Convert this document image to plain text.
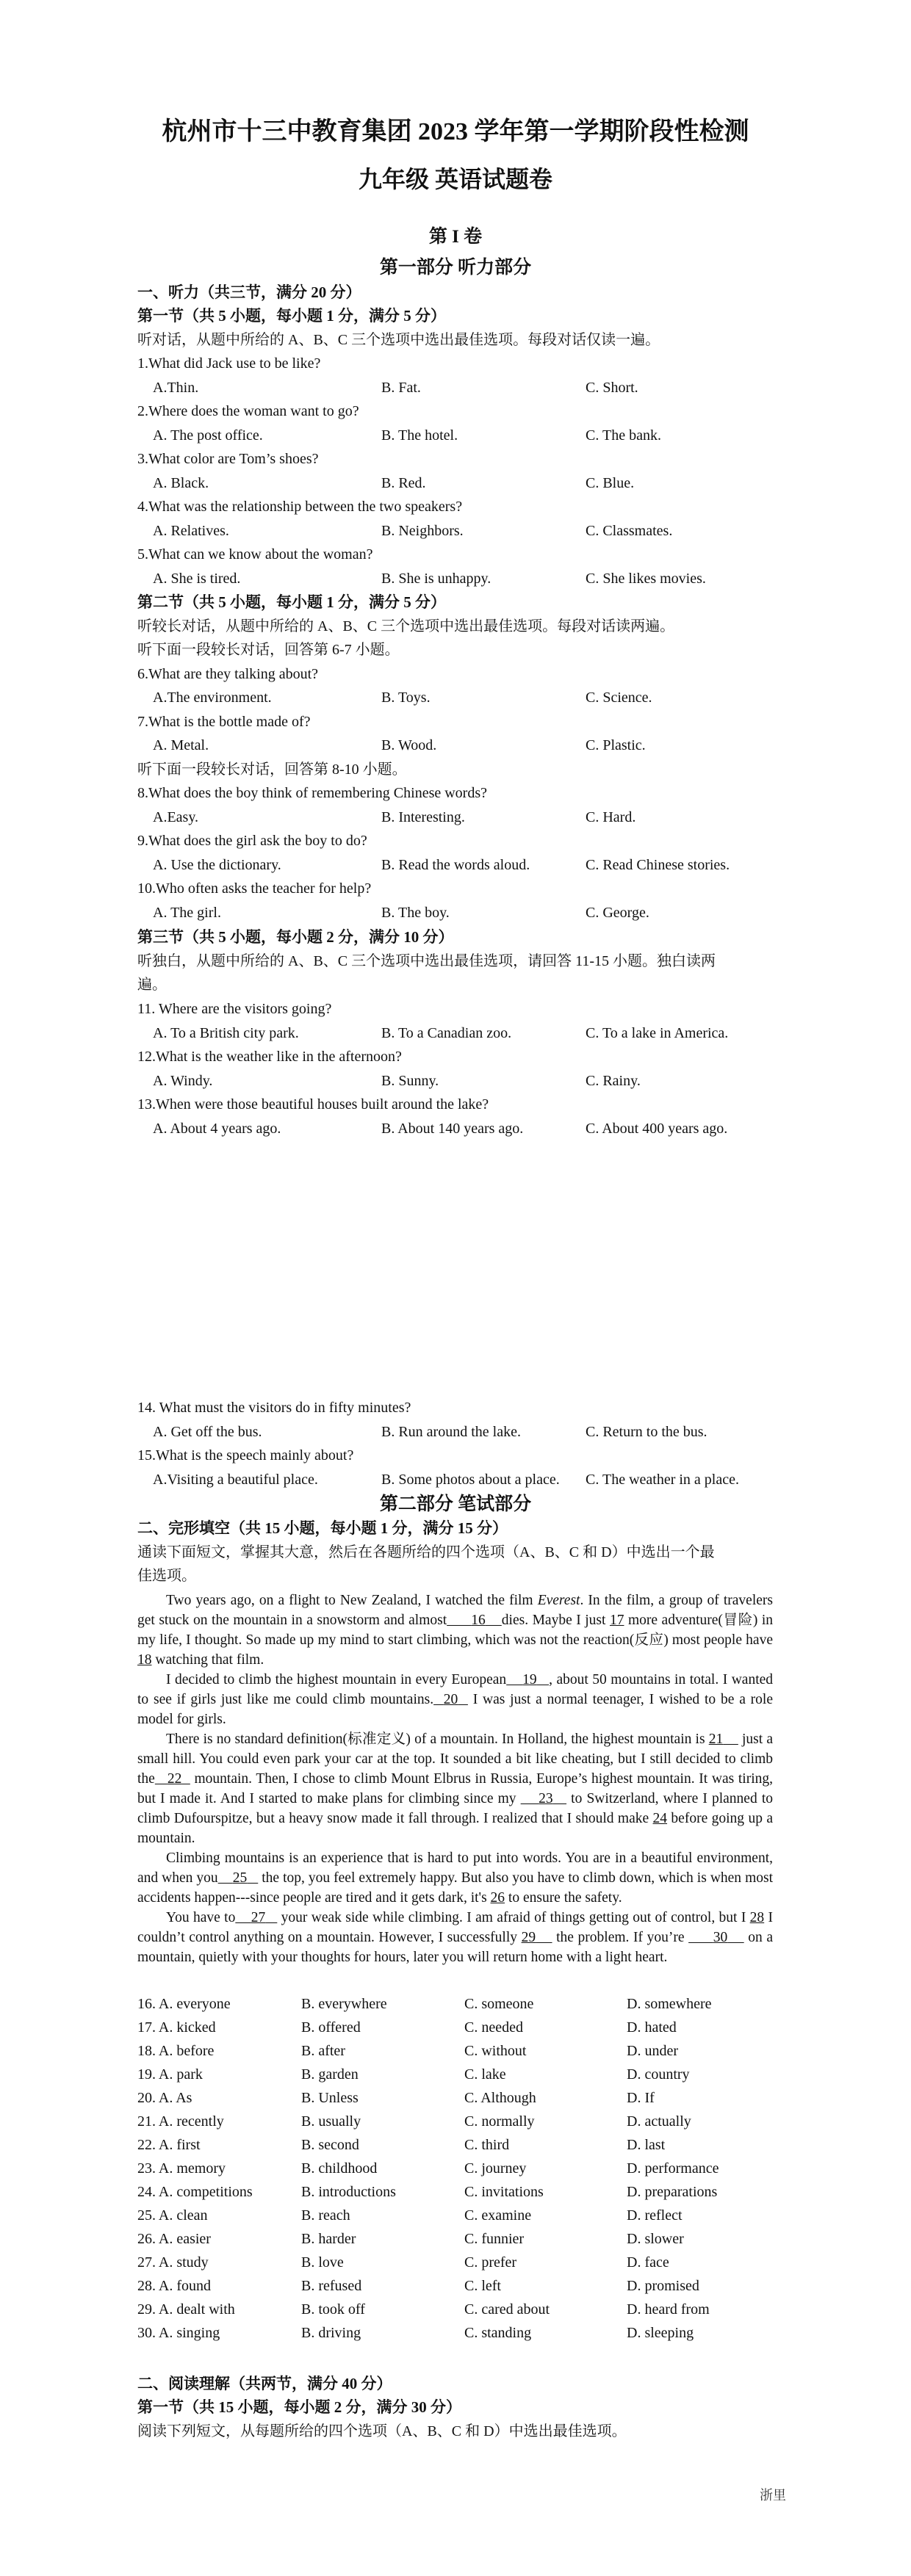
杭州市十三中教育集团 2023 学年第一学期阶段性检测
九年级 英语试题卷
第 I 卷
第一部分 听力部分
一、听力（共三节，满分 20 分）
第一节（共 5 小题，每小题 1 分，满分 5 分）
听对话，从题中所给的 A、B、C 三个选项中选出最佳选项。每段对话仅读一遍。
1.What did Jack use to be like?
A.Thin.	B. Fat.	C. Short.
2.Where does the woman want to go?
A. The post office.	B. The hotel.	C. The bank.
3.What color are Tom’s shoes?
A. Black.	B. Red.	C. Blue.
4.What was the relationship between the two speakers?
A. Relatives.	B. Neighbors.	C. Classmates.
5.What can we know about the woman?
A. She is tired.	B. She is unhappy.	C. She likes movies.
第二节（共 5 小题，每小题 1 分，满分 5 分）
听较长对话，从题中所给的 A、B、C 三个选项中选出最佳选项。每段对话读两遍。
听下面一段较长对话，回答第 6-7 小题。
6.What are they talking about?
A.The environment.	B. Toys.	C. Science.
7.What is the bottle made of?
A. Metal.	B. Wood.	C. Plastic.
听下面一段较长对话，回答第 8-10 小题。
8.What does the boy think of remembering Chinese words?
A.Easy.	B. Interesting.	C. Hard.
9.What does the girl ask the boy to do?
A. Use the dictionary.	B. Read the words aloud.	C. Read Chinese stories.
10.Who often asks the teacher for help?
A. The girl.	B. The boy.	C. George.
第三节（共 5 小题，每小题 2 分，满分 10 分）
听独白，从题中所给的 A、B、C 三个选项中选出最佳选项，请回答 11-15 小题。独白读两
遍。
11. Where are the visitors going?
A. To a British city park.	B. To a Canadian zoo.	C. To a lake in America.
12.What is the weather like in the afternoon?
A. Windy.	B. Sunny.	C. Rainy.
13.When were those beautiful houses built around the lake?
A. About 4 years ago.	B. About 140 years ago.	C. About 400 years ago.
14. What must the visitors do in fifty minutes?
A. Get off the bus.	B. Run around the lake.	C. Return to the bus.
15.What is the speech mainly about?
A.Visiting a beautiful place.	B. Some photos about a place. C. The weather in a place.
第二部分 笔试部分
二、完形填空（共 15 小题，每小题 1 分，满分 15 分）
通读下面短文，掌握其大意，然后在各题所给的四个选项（A、B、C 和 D）中选出一个最
佳选项。

Two years ago, on a flight to New Zealand, I watched the film Everest. In the film, a group of travelers get stuck on the mountain in a snowstorm and almost 16 dies. Maybe I just 17 more adventure(冒险) in my life, I thought. So made up my mind to start climbing, which was not the reaction(反应) most people have 18 watching that film.

I decided to climb the highest mountain in every European 19 , about 50 mountains in total. I wanted to see if girls just like me could climb mountains. 20   I was just a normal teenager, I wished to be a role model for girls.

There is no standard definition(标准定义) of a mountain. In Holland, the highest mountain is 21     just a small hill. You could even park your car at the top. It sounded a bit like cheating, but I still decided to climb the 22   mountain. Then, I chose to climb Mount Elbrus in Russia, Europe’s highest mountain. It was tiring, but I made it. And I started to make plans for climbing since my     23    to Switzerland, where I planned to climb Dufourspitze, but a heavy snow made it fall through. I realized that I should make 24 before going up a mountain.

Climbing mountains is an experience that is hard to put into words. You are in a beautiful environment, and when you 25    the top, you feel extremely happy. But also you have to climb down, which is when most accidents happen---since people are tired and it gets dark, it's 26 to ensure the safety.

You have to 27    your weak side while climbing. I am afraid of things getting out of control, but I 28 I couldn’t control anything on a mountain. However, I successfully 29     the problem. If you’re       30     on a mountain, quietly with your thoughts for hours, later you will return home with a light heart.

16. A. everyone	B. everywhere	C. someone	D. somewhere
17. A. kicked	B. offered	C. needed	D. hated
18. A. before	B. after	C. without	D. under
19. A. park	B. garden	C. lake	D. country
20. A. As	B. Unless	C. Although	D. If
21. A. recently	B. usually	C. normally	D. actually
22. A. first	B. second	C. third	D. last
23. A. memory	B. childhood	C. journey	D. performance
24. A. competitions	B. introductions	C. invitations	D. preparations
25. A. clean	B. reach	C. examine	D. reflect
26. A. easier	B. harder	C. funnier	D. slower
27. A. study	B. love	C. prefer	D. face
28. A. found	B. refused	C. left	D. promised
29. A. dealt with	B. took off	C. cared about	D. heard from
30. A. singing	B. driving	C. standing	D. sleeping
二、阅读理解（共两节，满分 40 分）
第一节（共 15 小题，每小题 2 分，满分 30 分）
阅读下列短文，从每题所给的四个选项（A、B、C 和 D）中选出最佳选项。
浙里
